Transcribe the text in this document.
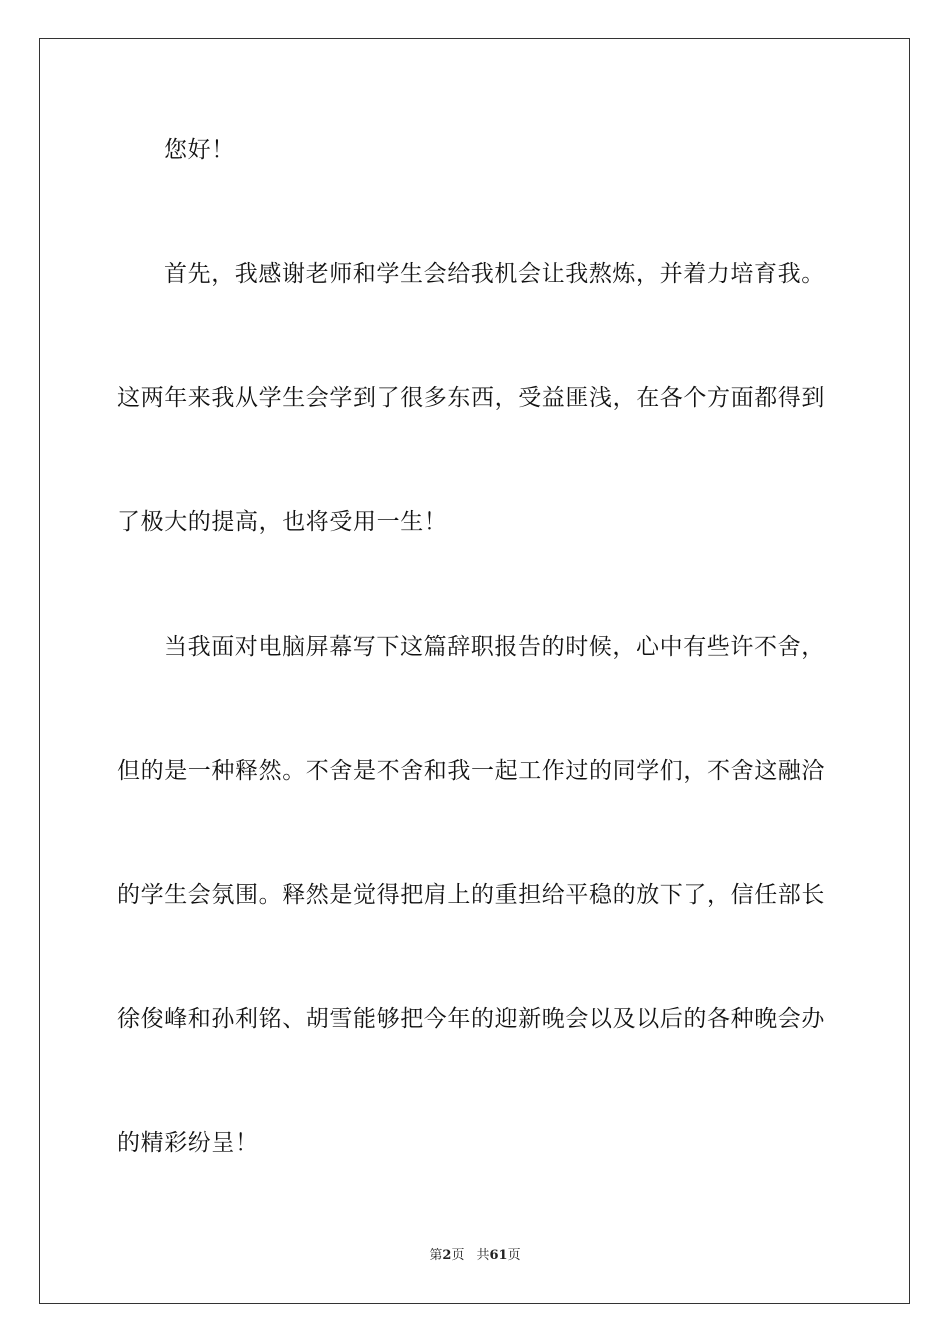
您好！
首先，我感谢老师和学生会给我机会让我熬炼，并着力培育我。
这两年来我从学生会学到了很多东西，受益匪浅，在各个方面都得到
了极大的提高，也将受用一生！
当我面对电脑屏幕写下这篇辞职报告的时候，心中有些许不舍，
但的是一种释然。不舍是不舍和我一起工作过的同学们，不舍这融洽
的学生会氛围。释然是觉得把肩上的重担给平稳的放下了，信任部长
徐俊峰和孙利铭、胡雪能够把今年的迎新晚会以及以后的各种晚会办
的精彩纷呈！
第2页 共61页
